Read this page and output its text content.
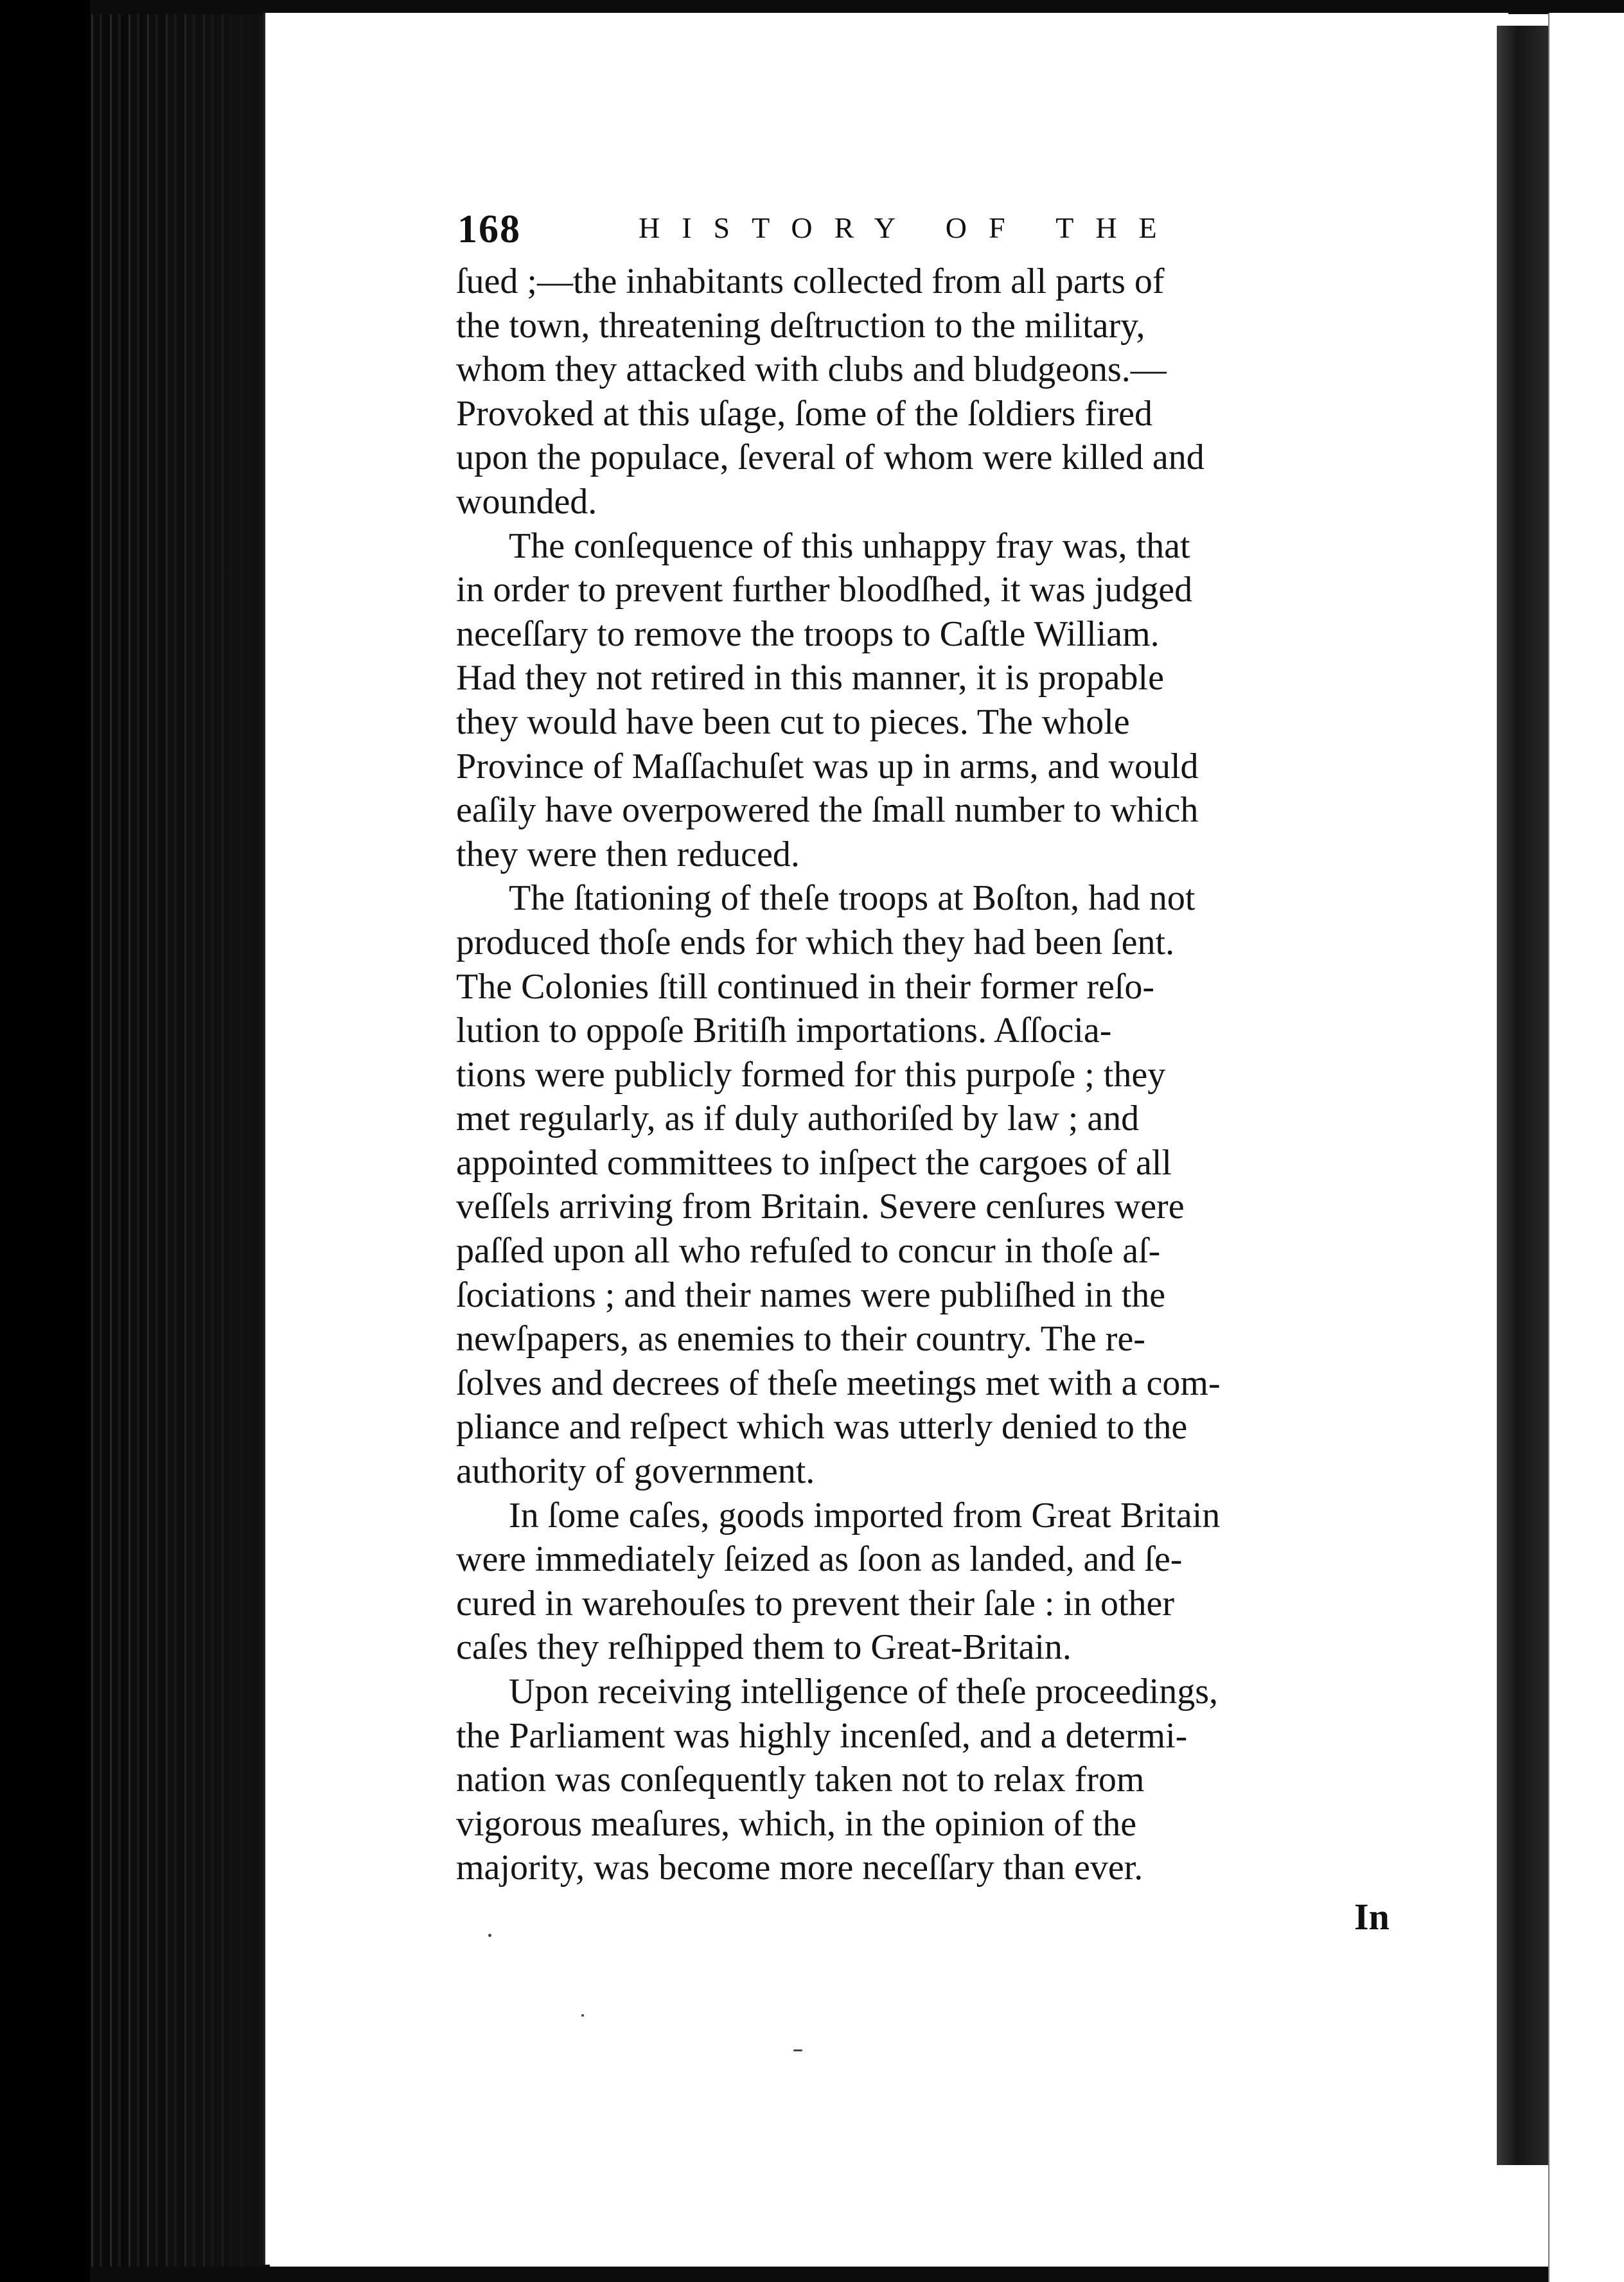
168	HISTORY OF THE
ſued ;—the inhabitants collected from all parts of
the town, threatening deſtruction to the military,
whom they attacked with clubs and bludgeons.—
Provoked at this uſage, ſome of the ſoldiers fired
upon the populace, ſeveral of whom were killed and
wounded.
The conſequence of this unhappy fray was, that
in order to prevent further bloodſhed, it was judged
neceſſary to remove the troops to Caſtle William.
Had they not retired in this manner, it is propable
they would have been cut to pieces. The whole
Province of Maſſachuſet was up in arms, and would
eaſily have overpowered the ſmall number to which
they were then reduced.
The ſtationing of theſe troops at Boſton, had not
produced thoſe ends for which they had been ſent.
The Colonies ſtill continued in their former reſo-
lution to oppoſe Britiſh importations. Aſſocia-
tions were publicly formed for this purpoſe ; they
met regularly, as if duly authoriſed by law ; and
appointed committees to inſpect the cargoes of all
veſſels arriving from Britain. Severe cenſures were
paſſed upon all who refuſed to concur in thoſe aſ-
ſociations ; and their names were publiſhed in the
newſpapers, as enemies to their country. The re-
ſolves and decrees of theſe meetings met with a com-
pliance and reſpect which was utterly denied to the
authority of government.
In ſome caſes, goods imported from Great Britain
were immediately ſeized as ſoon as landed, and ſe-
cured in warehouſes to prevent their ſale : in other
caſes they reſhipped them to Great-Britain.
Upon receiving intelligence of theſe proceedings,
the Parliament was highly incenſed, and a determi-
nation was conſequently taken not to relax from
vigorous meaſures, which, in the opinion of the
majority, was become more neceſſary than ever.
In
